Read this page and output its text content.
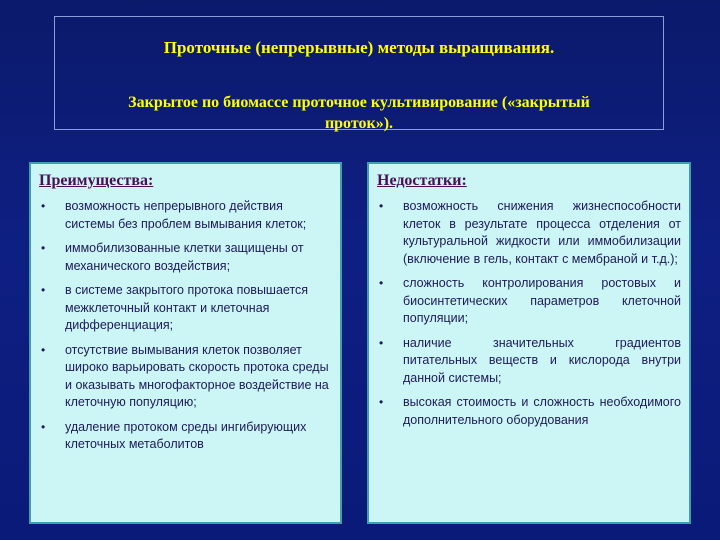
Проточные (непрерывные) методы выращивания.
Закрытое по биомассе проточное культивирование («закрытый проток»).
Преимущества:
• возможность непрерывного действия системы без проблем вымывания клеток;
• иммобилизованные клетки защищены от механического воздействия;
• в системе закрытого протока повышается межклеточный контакт и клеточная дифференциация;
• отсутствие вымывания клеток позволяет широко варьировать скорость протока среды и оказывать многофакторное воздействие на клеточную популяцию;
• удаление протоком среды ингибирующих клеточных метаболитов
Недостатки:
• возможность снижения жизнеспособности клеток в результате процесса отделения от культуральной жидкости или иммобилизации (включение в гель, контакт с мембраной и т.д.);
• сложность контролирования ростовых и биосинтетических параметров клеточной популяции;
• наличие значительных градиентов питательных веществ и кислорода внутри данной системы;
• высокая стоимость и сложность необходимого дополнительного оборудования
